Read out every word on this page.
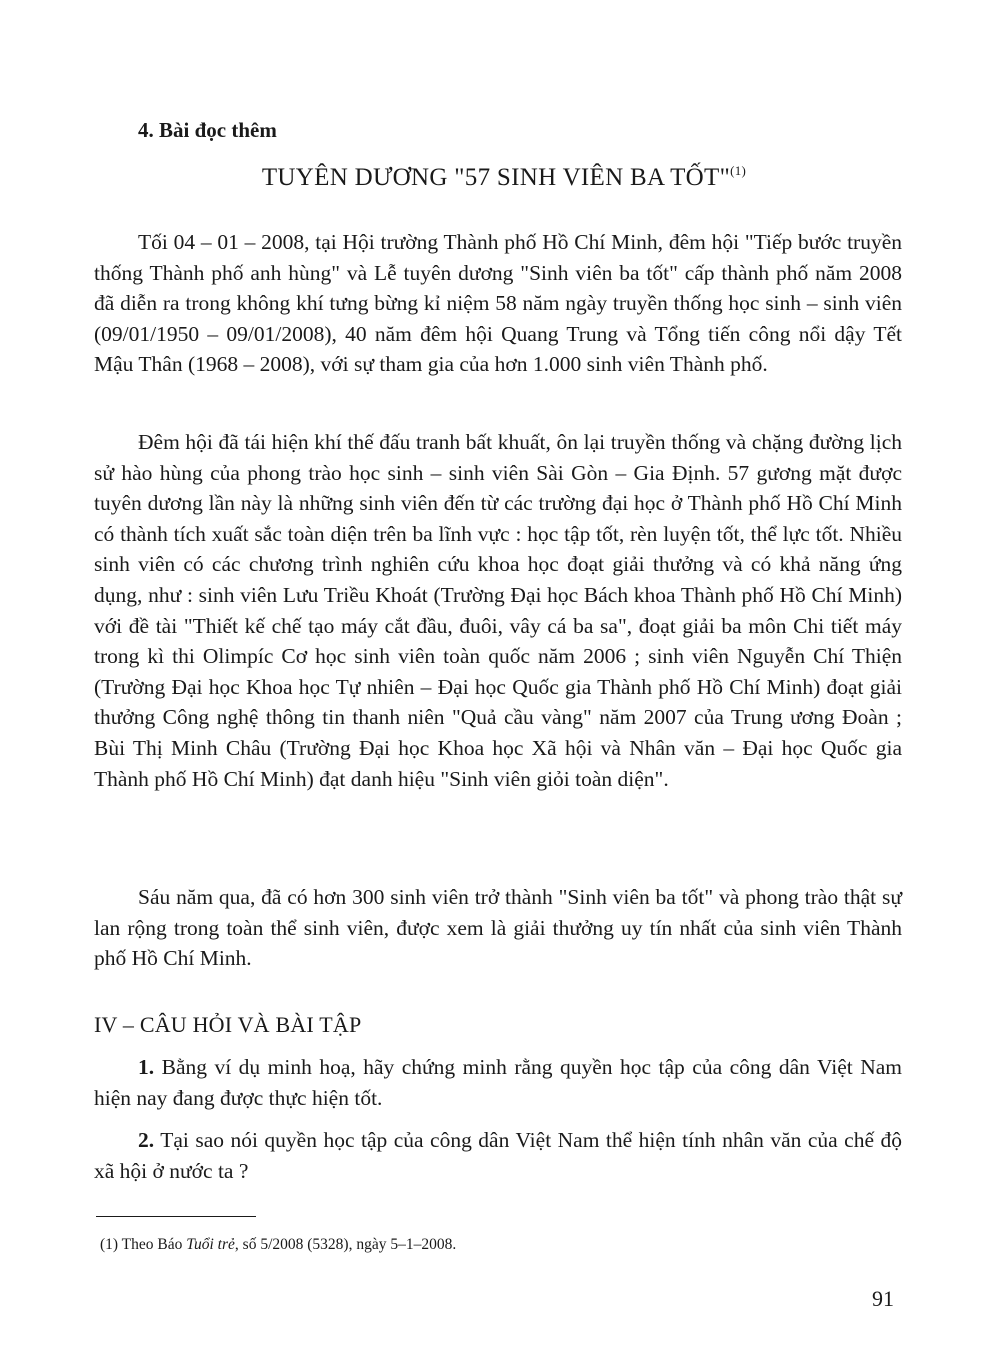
4. Bài đọc thêm
TUYÊN DƯƠNG "57 SINH VIÊN BA TỐT"$^{(1)}$

Tối 04 – 01 – 2008, tại Hội trường Thành phố Hồ Chí Minh, đêm hội "Tiếp bước truyền thống Thành phố anh hùng" và Lễ tuyên dương "Sinh viên ba tốt" cấp thành phố năm 2008 đã diễn ra trong không khí tưng bừng kỉ niệm 58 năm ngày truyền thống học sinh – sinh viên (09/01/1950 – 09/01/2008), 40 năm đêm hội Quang Trung và Tổng tiến công nổi dậy Tết Mậu Thân (1968 – 2008), với sự tham gia của hơn 1.000 sinh viên Thành phố.

Đêm hội đã tái hiện khí thế đấu tranh bất khuất, ôn lại truyền thống và chặng đường lịch sử hào hùng của phong trào học sinh – sinh viên Sài Gòn – Gia Định. 57 gương mặt được tuyên dương lần này là những sinh viên đến từ các trường đại học ở Thành phố Hồ Chí Minh có thành tích xuất sắc toàn diện trên ba lĩnh vực : học tập tốt, rèn luyện tốt, thể lực tốt. Nhiều sinh viên có các chương trình nghiên cứu khoa học đoạt giải thưởng và có khả năng ứng dụng, như : sinh viên Lưu Triều Khoát (Trường Đại học Bách khoa Thành phố Hồ Chí Minh) với đề tài "Thiết kế chế tạo máy cắt đầu, đuôi, vây cá ba sa", đoạt giải ba môn Chi tiết máy trong kì thi Olimpíc Cơ học sinh viên toàn quốc năm 2006 ; sinh viên Nguyễn Chí Thiện (Trường Đại học Khoa học Tự nhiên – Đại học Quốc gia Thành phố Hồ Chí Minh) đoạt giải thưởng Công nghệ thông tin thanh niên "Quả cầu vàng" năm 2007 của Trung ương Đoàn ; Bùi Thị Minh Châu (Trường Đại học Khoa học Xã hội và Nhân văn – Đại học Quốc gia Thành phố Hồ Chí Minh) đạt danh hiệu "Sinh viên giỏi toàn diện".

Sáu năm qua, đã có hơn 300 sinh viên trở thành "Sinh viên ba tốt" và phong trào thật sự lan rộng trong toàn thể sinh viên, được xem là giải thưởng uy tín nhất của sinh viên Thành phố Hồ Chí Minh.

IV – CÂU HỎI VÀ BÀI TẬP

1. Bằng ví dụ minh hoạ, hãy chứng minh rằng quyền học tập của công dân Việt Nam hiện nay đang được thực hiện tốt.

2. Tại sao nói quyền học tập của công dân Việt Nam thể hiện tính nhân văn của chế độ xã hội ở nước ta ?

(1) Theo Báo Tuổi trẻ, số 5/2008 (5328), ngày 5–1–2008.

91
